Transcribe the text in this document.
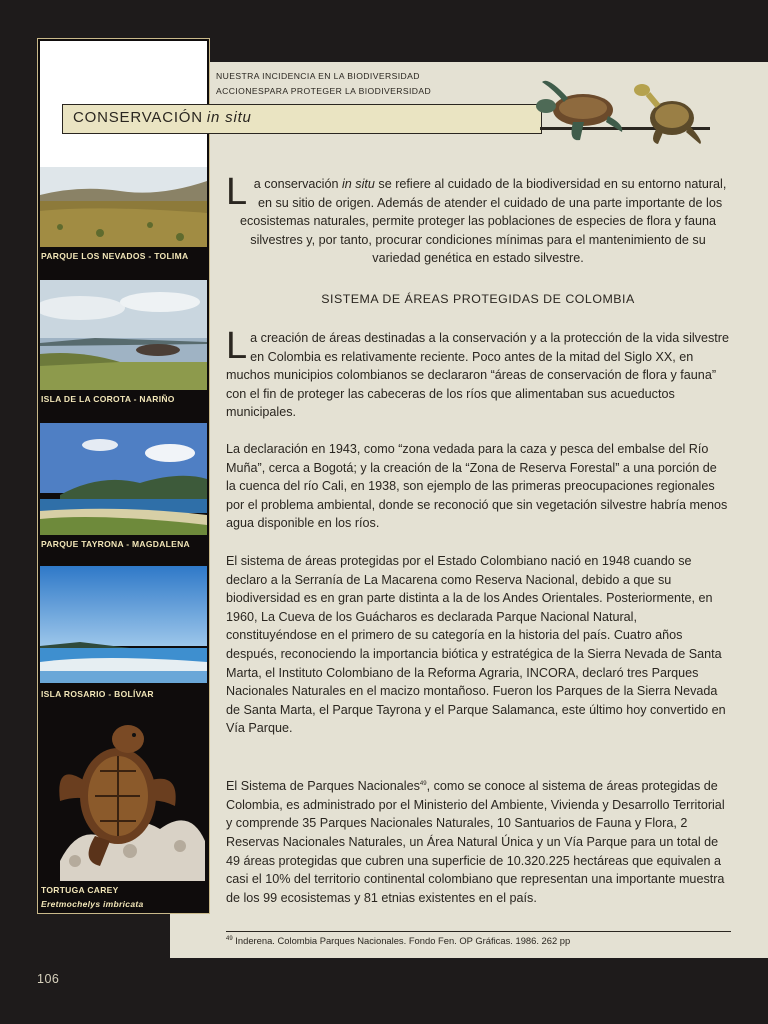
PARQUE LOS NEVADOS - TOLIMA
ISLA DE LA COROTA - NARIÑO
PARQUE TAYRONA - MAGDALENA
ISLA ROSARIO - BOLÍVAR
TORTUGA CAREY
Eretmochelys imbricata
NUESTRA INCIDENCIA EN LA BIODIVERSIDAD
ACCIONESPARA PROTEGER LA BIODIVERSIDAD
CONSERVACIÓN in situ
La conservación in situ se refiere al cuidado de la biodiversidad en su entorno natural, en su sitio de origen. Además de atender el cuidado de una parte importante de los ecosistemas naturales, permite proteger las poblaciones de especies de flora y fauna silvestres y, por tanto, procurar condiciones mínimas para el mantenimiento de su variedad genética en estado silvestre.
SISTEMA DE ÁREAS PROTEGIDAS DE COLOMBIA
La creación de áreas destinadas a la conservación y a la protección de la vida silvestre en Colombia es relativamente reciente. Poco antes de la mitad del Siglo XX, en muchos municipios colombianos se declararon “áreas de conservación de flora y fauna” con el fin de proteger las cabeceras de los ríos que alimentaban sus acueductos municipales.
La declaración en 1943, como “zona vedada para la caza y pesca del embalse del Río Muña”, cerca a Bogotá; y la creación de la “Zona de Reserva Forestal” a una porción de la cuenca del río Cali, en 1938, son ejemplo de las primeras preocupaciones regionales por el problema ambiental, donde se reconoció que sin vegetación silvestre habría menos agua disponible en los ríos.
El sistema de áreas protegidas por el Estado Colombiano nació en 1948 cuando se declaro a la Serranía de La Macarena como Reserva Nacional, debido a que su biodiversidad es en gran parte distinta a la de los Andes Orientales. Posteriormente, en 1960, La Cueva de los Guácharos es declarada Parque Nacional Natural, constituyéndose en el primero de su categoría en la historia del país. Cuatro años después, reconociendo la importancia biótica y estratégica de la Sierra Nevada de Santa Marta, el Instituto Colombiano de la Reforma Agraria, INCORA, declaró tres Parques Nacionales Naturales en el macizo montañoso. Fueron los Parques de la Sierra Nevada de Santa Marta, el Parque Tayrona y el Parque Salamanca, este último hoy convertido en Vía Parque.
El Sistema de Parques Nacionales$^{49}$, como se conoce al sistema de áreas protegidas de Colombia, es administrado por el Ministerio del Ambiente, Vivienda y Desarrollo Territorial y comprende 35 Parques Nacionales Naturales, 10 Santuarios de Fauna y Flora, 2 Reservas Nacionales Naturales, un Área Natural Única y un Vía Parque para un total de 49 áreas protegidas que cubren una superficie de 10.320.225 hectáreas que equivalen a casi el 10% del territorio continental colombiano que representan una importante muestra de los 99 ecosistemas y 81 etnias existentes en el país.
$^{49}$ Inderena. Colombia Parques Nacionales. Fondo Fen. OP Gráficas. 1986. 262 pp
106
